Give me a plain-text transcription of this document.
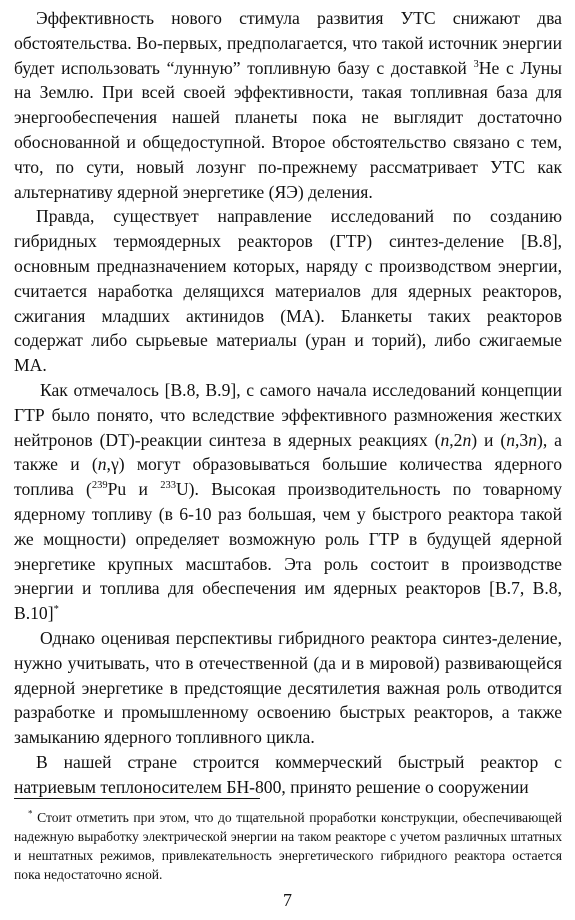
Эффективность нового стимула развития УТС снижают два обстоятельства. Во-первых, предполагается, что такой источник энергии будет использовать “лунную” топливную базу с доставкой $^3$Не с Луны на Землю. При всей своей эффективности, такая топливная база для энергообеспечения нашей планеты пока не выглядит достаточно обоснованной и общедоступной. Второе обстоятельство связано с тем, что, по сути, новый лозунг по-прежнему рассматривает УТС как альтернативу ядерной энергетике (ЯЭ) деления.

Правда, существует направление исследований по созданию гибридных термоядерных реакторов (ГТР) синтез-деление [В.8], основным предназначением которых, наряду с производством энергии, считается наработка делящихся материалов для ядерных реакторов, сжигания младших актинидов (МА). Бланкеты таких реакторов содержат либо сырьевые материалы (уран и торий), либо сжигаемые МА.

Как отмечалось [В.8, В.9], с самого начала исследований концепции ГТР было понято, что вследствие эффективного размножения жестких нейтронов (DT)-реакции синтеза в ядерных реакциях (n,2n) и (n,3n), а также и (n,γ) могут образовываться большие количества ядерного топлива ($^{239}$Pu и $^{233}$U). Высокая производительность по товарному ядерному топливу (в 6-10 раз большая, чем у быстрого реактора такой же мощности) определяет возможную роль ГТР в будущей ядерной энергетике крупных масштабов. Эта роль состоит в производстве энергии и топлива для обеспечения им ядерных реакторов [В.7, В.8, В.10]*

Однако оценивая перспективы гибридного реактора синтез-деление, нужно учитывать, что в отечественной (да и в мировой) развивающейся ядерной энергетике в предстоящие десятилетия важная роль отводится разработке и промышленному освоению быстрых реакторов, а также замыканию ядерного топливного цикла.

В нашей стране строится коммерческий быстрый реактор с натриевым теплоносителем БН-800, принято решение о сооружении

* Стоит отметить при этом, что до тщательной проработки конструкции, обеспечивающей надежную выработку электрической энергии на таком реакторе с учетом различных штатных и нештатных режимов, привлекательность энергетического гибридного реактора остается пока недостаточно ясной.

7
